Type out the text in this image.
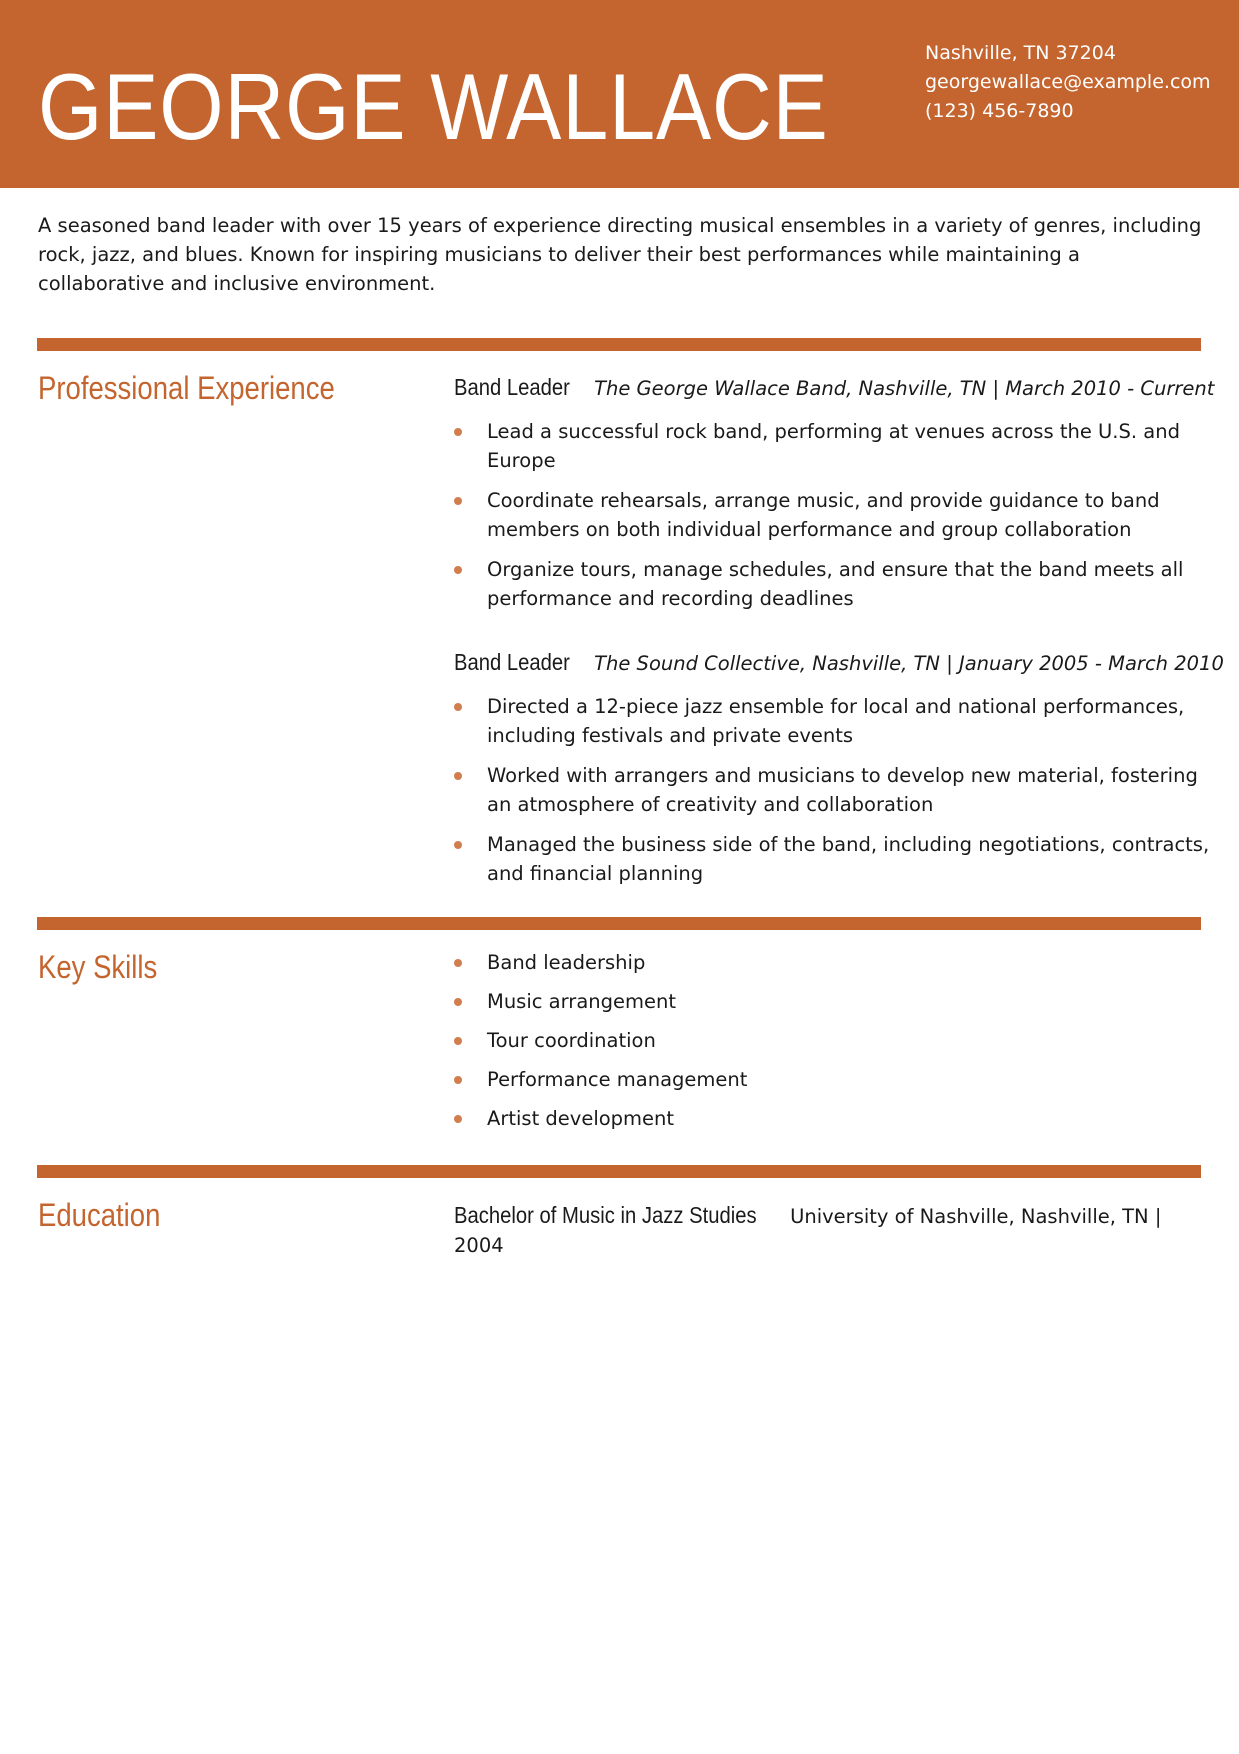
GEORGE WALLACE
Nashville, TN 37204
georgewallace@example.com
(123) 456-7890

A seasoned band leader with over 15 years of experience directing musical ensembles in a variety of genres, including rock, jazz, and blues. Known for inspiring musicians to deliver their best performances while maintaining a collaborative and inclusive environment.

Professional Experience	Band Leader The George Wallace Band, Nashville, TN | March 2010 - Current
Lead a successful rock band, performing at venues across the U.S. and Europe
Coordinate rehearsals, arrange music, and provide guidance to band members on both individual performance and group collaboration
Organize tours, manage schedules, and ensure that the band meets all performance and recording deadlines
Band Leader The Sound Collective, Nashville, TN | January 2005 - March 2010
Directed a 12-piece jazz ensemble for local and national performances, including festivals and private events
Worked with arrangers and musicians to develop new material, fostering an atmosphere of creativity and collaboration
Managed the business side of the band, including negotiations, contracts, and financial planning
Key Skills	Band leadership
Music arrangement
Tour coordination
Performance management
Artist development
Education	Bachelor of Music in Jazz Studies University of Nashville, Nashville, TN | 2004
